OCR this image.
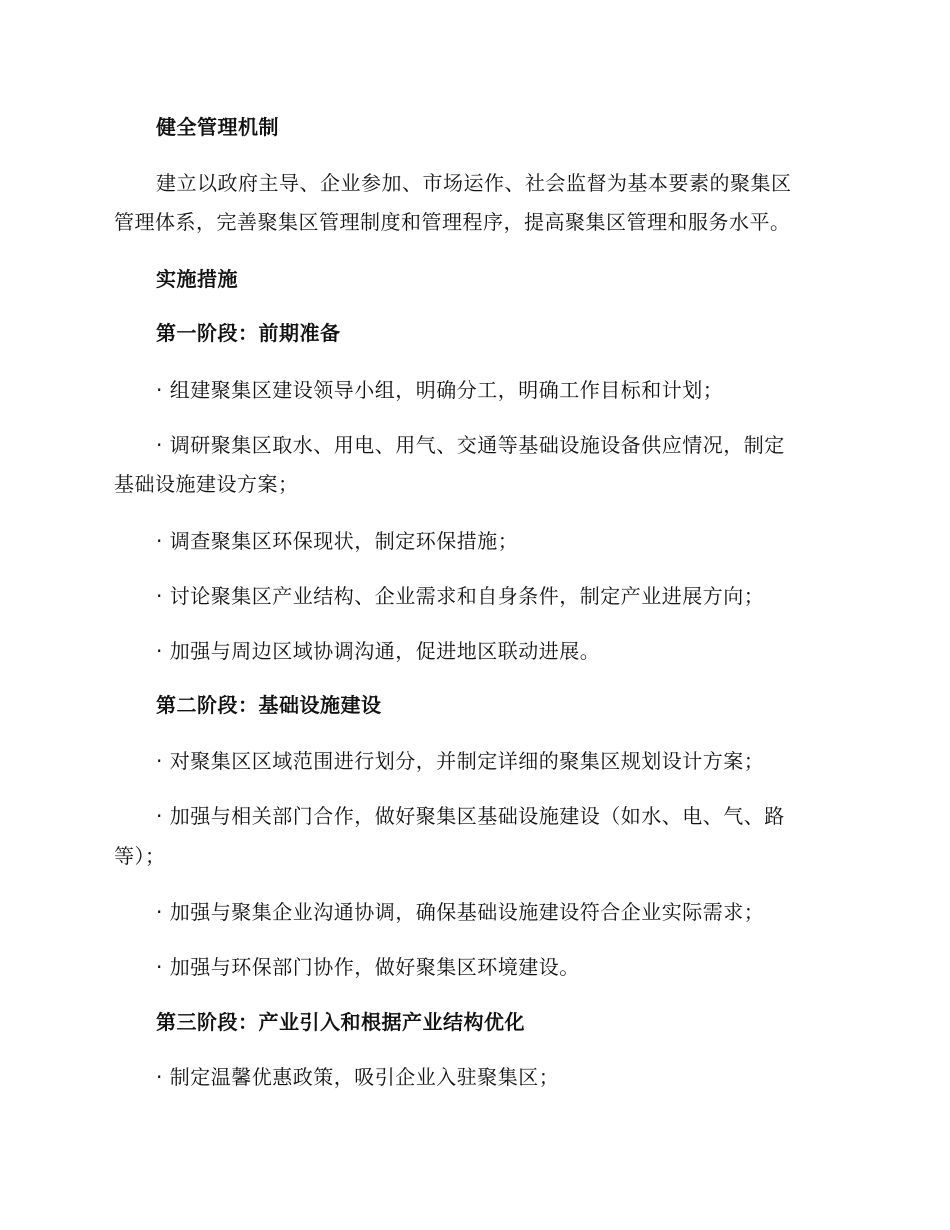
健全管理机制
建立以政府主导、企业参加、市场运作、社会监督为基本要素的聚集区
管理体系，完善聚集区管理制度和管理程序，提高聚集区管理和服务水平。
实施措施
第一阶段：前期准备
· 组建聚集区建设领导小组，明确分工，明确工作目标和计划；
· 调研聚集区取水、用电、用气、交通等基础设施设备供应情况，制定
基础设施建设方案；
· 调查聚集区环保现状，制定环保措施；
· 讨论聚集区产业结构、企业需求和自身条件，制定产业进展方向；
· 加强与周边区域协调沟通，促进地区联动进展。
第二阶段：基础设施建设
· 对聚集区区域范围进行划分，并制定详细的聚集区规划设计方案；
· 加强与相关部门合作，做好聚集区基础设施建设（如水、电、气、路
等）；
· 加强与聚集企业沟通协调，确保基础设施建设符合企业实际需求；
· 加强与环保部门协作，做好聚集区环境建设。
第三阶段：产业引入和根据产业结构优化
· 制定温馨优惠政策，吸引企业入驻聚集区；
